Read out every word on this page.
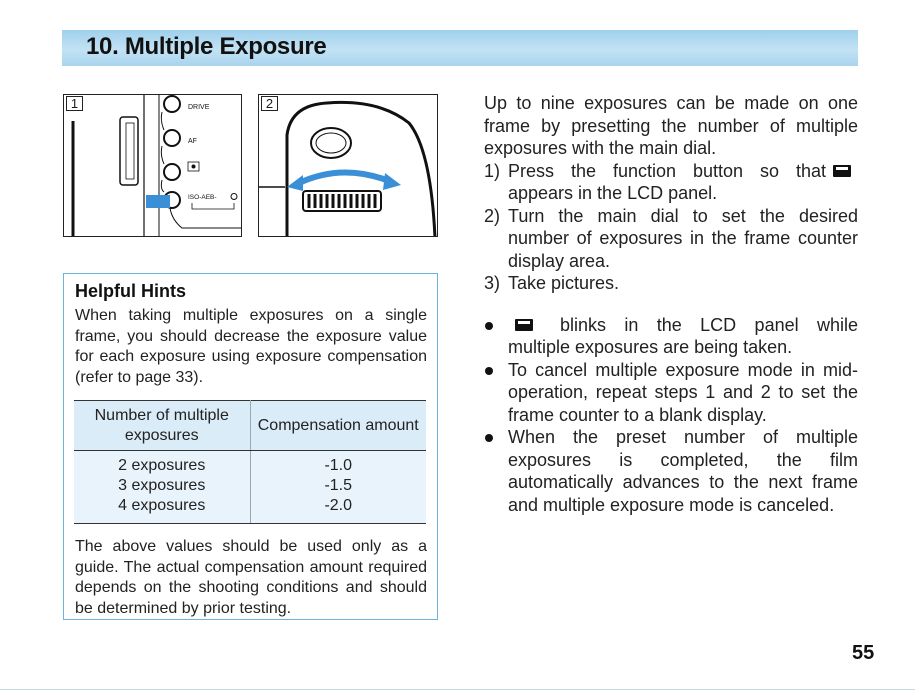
10. Multiple Exposure
DRIVE
AF
ISO-AEB-
1	2
Helpful Hints

When taking multiple exposures on a single frame, you should decrease the exposure value for each exposure using exposure compensation (refer to page 33).

Number of multiple exposures	Compensation amount
2 exposures	-1.0
3 exposures	-1.5
4 exposures	-2.0

The above values should be used only as a guide. The actual compensation amount required depends on the shooting conditions and should be determined by prior testing.

Up to nine exposures can be made on one frame by presetting the number of multiple exposures with the main dial.

1) Press the function button so thatappears in the LCD panel.
2) Turn the main dial to set the desired number of exposures in the frame counter display area.
3) Take pictures.
blinks in the LCD panel while multiple exposures are being taken.
To cancel multiple exposure mode in mid-operation, repeat steps 1 and 2 to set the frame counter to a blank display.
When the preset number of multiple exposures is completed, the film automatically advances to the next frame and multiple exposure mode is canceled.
55
